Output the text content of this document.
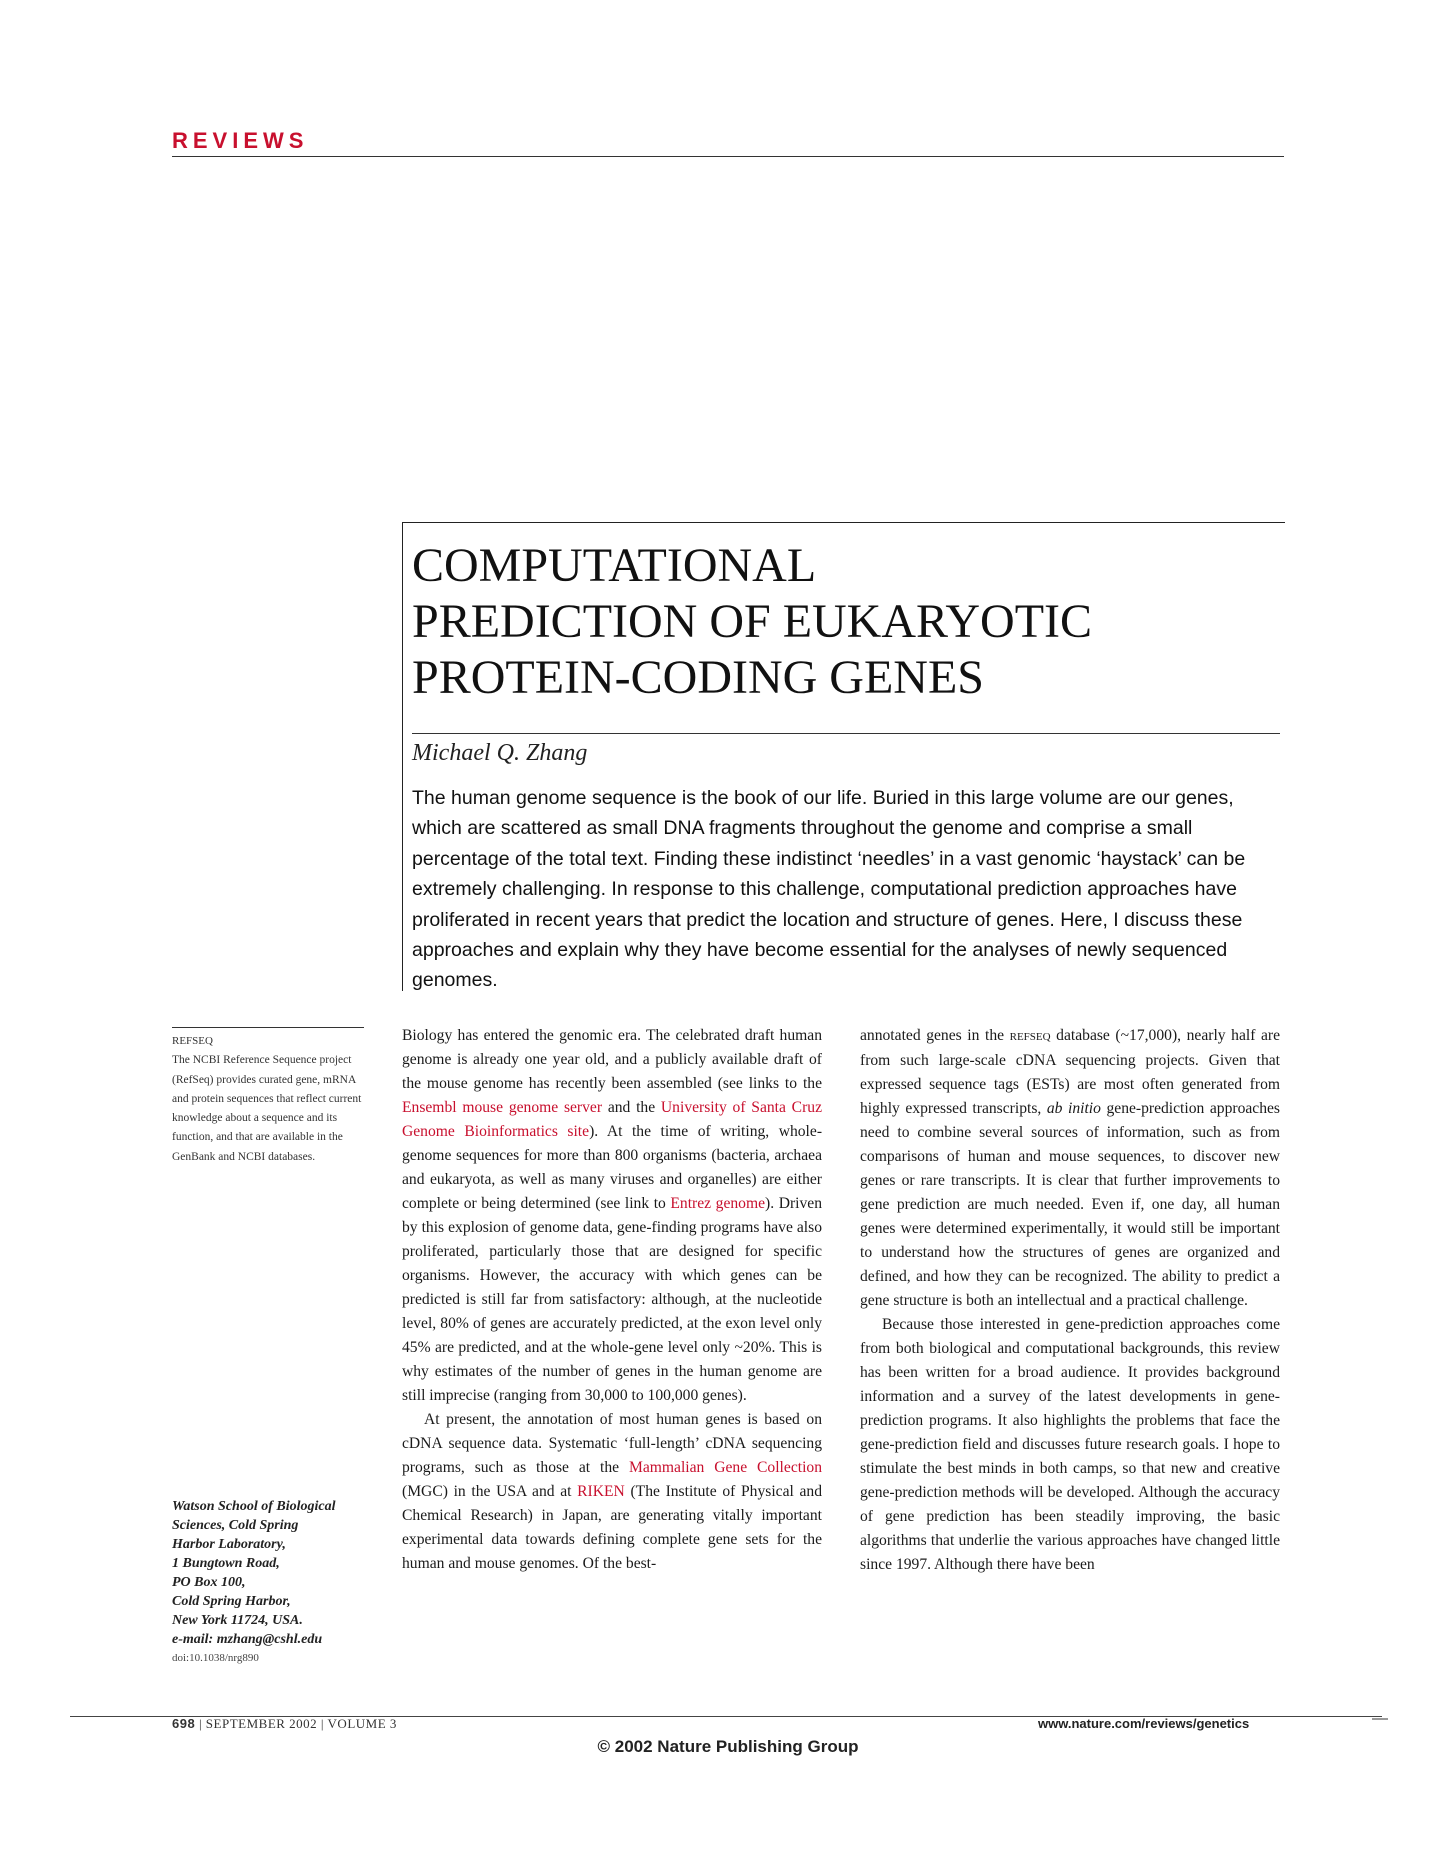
REVIEWS
COMPUTATIONAL
PREDICTION OF EUKARYOTIC
PROTEIN-CODING GENES
Michael Q. Zhang

The human genome sequence is the book of our life. Buried in this large volume are our genes, which are scattered as small DNA fragments throughout the genome and comprise a small percentage of the total text. Finding these indistinct ‘needles’ in a vast genomic ‘haystack’ can be extremely challenging. In response to this challenge, computational prediction approaches have proliferated in recent years that predict the location and structure of genes. Here, I discuss these approaches and explain why they have become essential for the analyses of newly sequenced genomes.

REFSEQ
The NCBI Reference Sequence project (RefSeq) provides curated gene, mRNA and protein sequences that reflect current knowledge about a sequence and its function, and that are available in the GenBank and NCBI databases.
Watson School of Biological
Sciences, Cold Spring
Harbor Laboratory,
1 Bungtown Road,
PO Box 100,
Cold Spring Harbor,
New York 11724, USA.
e-mail: mzhang@cshl.edu
doi:10.1038/nrg890

Biology has entered the genomic era. The celebrated draft human genome is already one year old, and a publicly available draft of the mouse genome has recently been assembled (see links to the Ensembl mouse genome server and the University of Santa Cruz Genome Bioinformatics site). At the time of writing, whole-genome sequences for more than 800 organisms (bacteria, archaea and eukaryota, as well as many viruses and organelles) are either complete or being determined (see link to Entrez genome). Driven by this explosion of genome data, gene-finding programs have also proliferated, particularly those that are designed for specific organisms. However, the accuracy with which genes can be predicted is still far from satisfactory: although, at the nucleotide level, 80% of genes are accurately predicted, at the exon level only 45% are predicted, and at the whole-gene level only ~20%. This is why estimates of the number of genes in the human genome are still imprecise (ranging from 30,000 to 100,000 genes).

At present, the annotation of most human genes is based on cDNA sequence data. Systematic ‘full-length’ cDNA sequencing programs, such as those at the Mammalian Gene Collection (MGC) in the USA and at RIKEN (The Institute of Physical and Chemical Research) in Japan, are generating vitally important experimental data towards defining complete gene sets for the human and mouse genomes. Of the best-

annotated genes in the REFSEQ database (~17,000), nearly half are from such large-scale cDNA sequencing projects. Given that expressed sequence tags (ESTs) are most often generated from highly expressed transcripts, ab initio gene-prediction approaches need to combine several sources of information, such as from comparisons of human and mouse sequences, to discover new genes or rare transcripts. It is clear that further improvements to gene prediction are much needed. Even if, one day, all human genes were determined experimentally, it would still be important to understand how the structures of genes are organized and defined, and how they can be recognized. The ability to predict a gene structure is both an intellectual and a practical challenge.

Because those interested in gene-prediction approaches come from both biological and computational backgrounds, this review has been written for a broad audience. It provides background information and a survey of the latest developments in gene-prediction programs. It also highlights the problems that face the gene-prediction field and discusses future research goals. I hope to stimulate the best minds in both camps, so that new and creative gene-prediction methods will be developed. Although the accuracy of gene prediction has been steadily improving, the basic algorithms that underlie the various approaches have changed little since 1997. Although there have been

698 | SEPTEMBER 2002 | VOLUME 3	www.nature.com/reviews/genetics
© 2002 Nature Publishing Group
